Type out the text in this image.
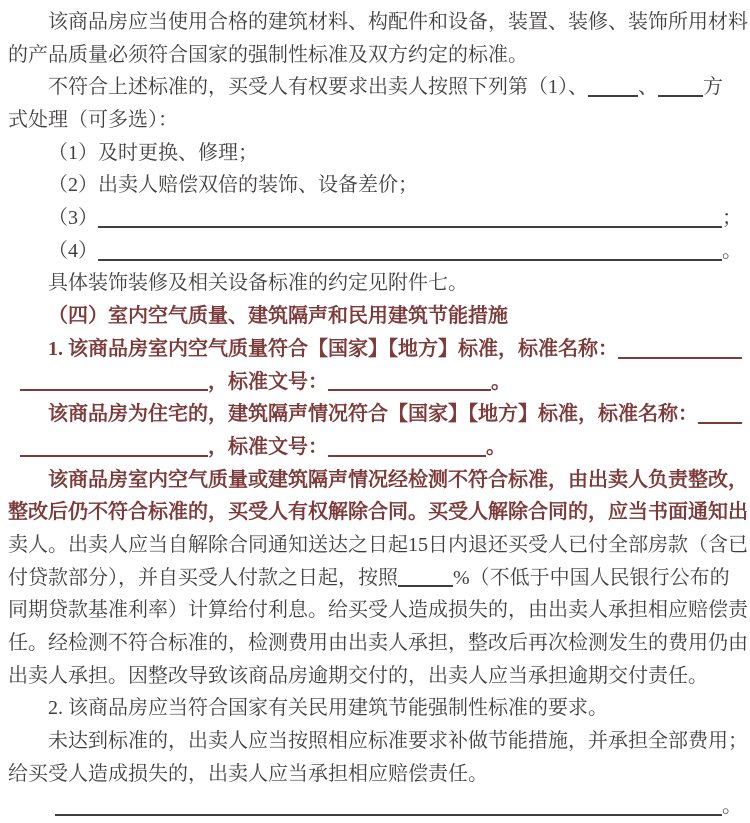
该商品房应当使用合格的建筑材料、构配件和设备，装置、装修、装饰所用材料
的产品质量必须符合国家的强制性标准及双方约定的标准。
不符合上述标准的，买受人有权要求出卖人按照下列第（1）、	、 方
式处理（可多选）：
（1）及时更换、修理；
（2）出卖人赔偿双倍的装饰、设备差价；
（3）	；
（4）	。
具体装饰装修及相关设备标准的约定见附件七。
（四）室内空气质量、建筑隔声和民用建筑节能措施
1. 该商品房室内空气质量符合【国家】【地方】标准，标准名称：
，标准文号：	。
该商品房为住宅的，建筑隔声情况符合【国家】【地方】标准，标准名称：
，标准文号：	。
该商品房室内空气质量或建筑隔声情况经检测不符合标准，由出卖人负责整改，
整改后仍不符合标准的，买受人有权解除合同。买受人解除合同的，应当书面通知出
卖人。出卖人应当自解除合同通知送达之日起15日内退还买受人已付全部房款（含已
付贷款部分），并自买受人付款之日起，按照	%（不低于中国人民银行公布的
同期贷款基准利率）计算给付利息。给买受人造成损失的，由出卖人承担相应赔偿责
任。经检测不符合标准的，检测费用由出卖人承担，整改后再次检测发生的费用仍由
出卖人承担。因整改导致该商品房逾期交付的，出卖人应当承担逾期交付责任。
2. 该商品房应当符合国家有关民用建筑节能强制性标准的要求。
未达到标准的，出卖人应当按照相应标准要求补做节能措施，并承担全部费用；
给买受人造成损失的，出卖人应当承担相应赔偿责任。
。
